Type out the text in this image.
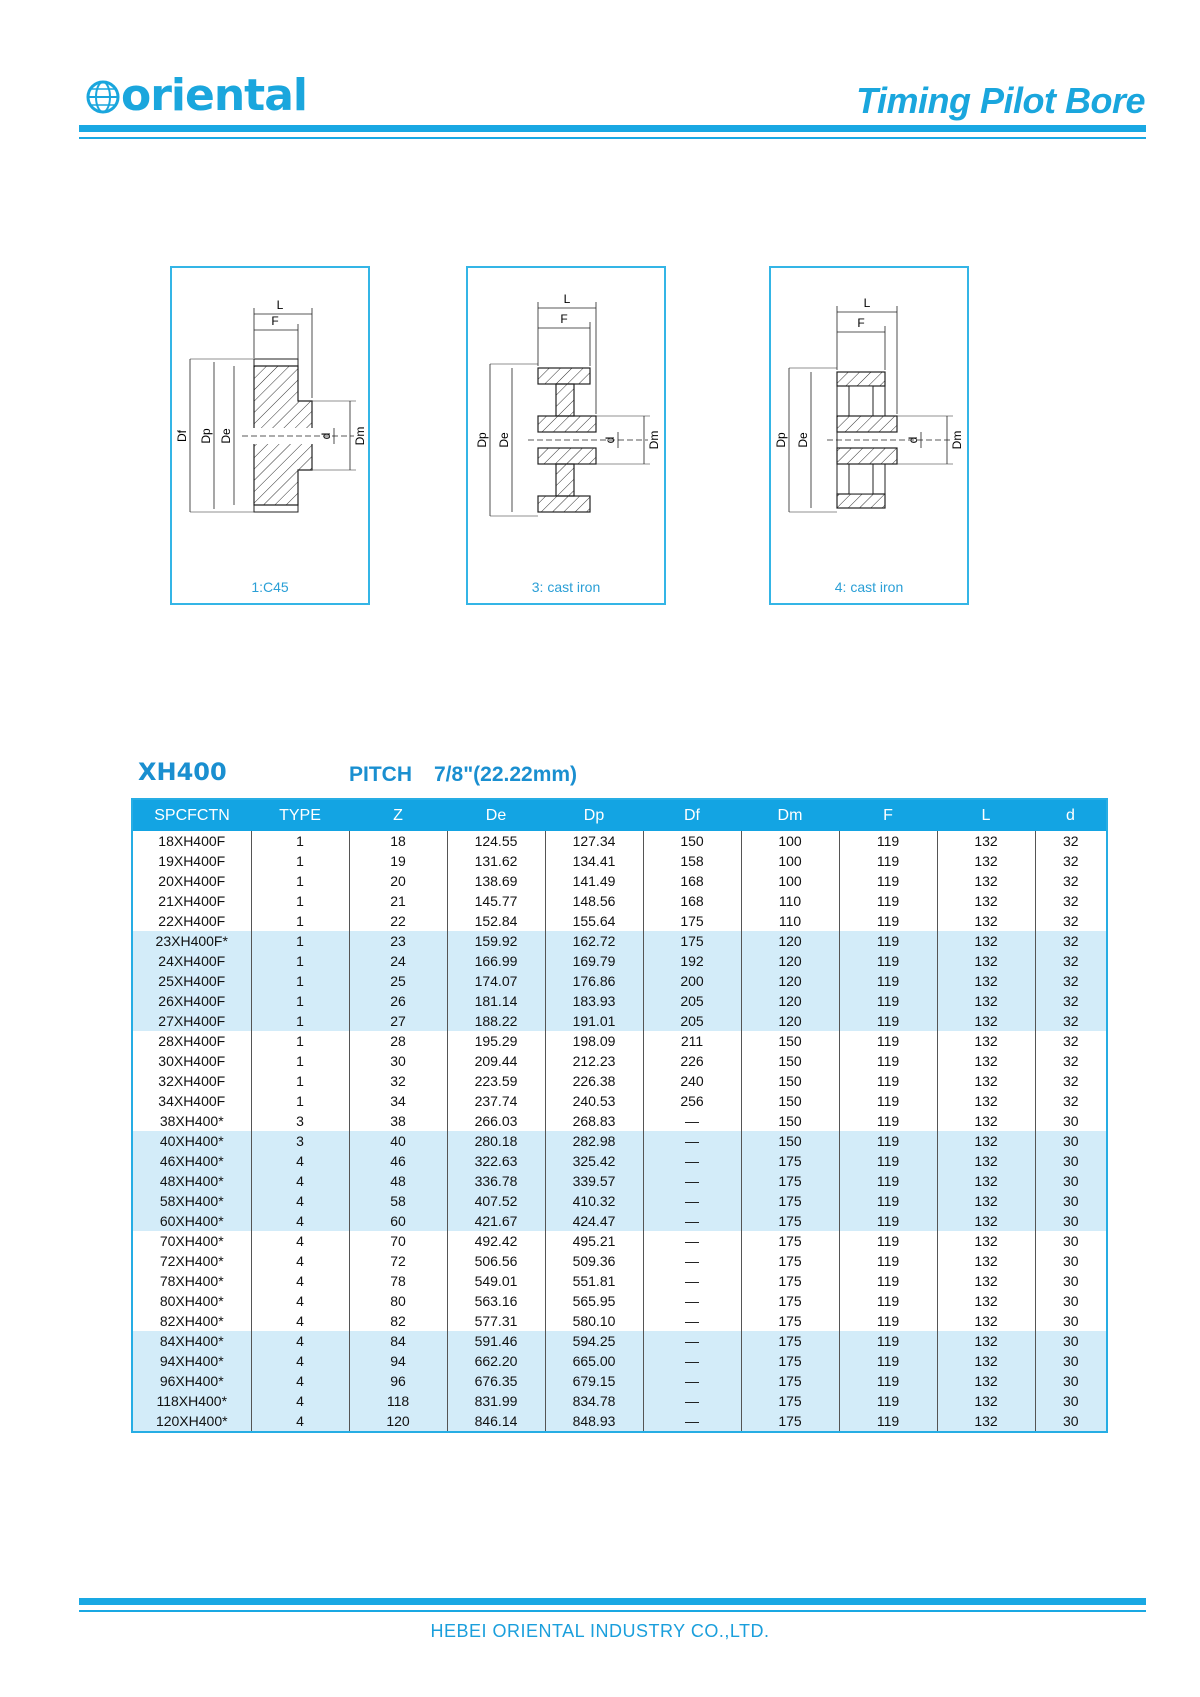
oriental	Timing Pilot Bore
L
F
Df Dp De	d Dm
1:C45
L
F
Dp De	d	Dm
3: cast iron
L
F
Dp De	d	Dm
4: cast iron
XH400	PITCH 7/8"(22.22mm)
SPCFCTN	TYPE	Z	De	Dp	Df	Dm	F	L	d
18XH400F	1	18	124.55	127.34	150	100	119	132	32
19XH400F	1	19	131.62	134.41	158	100	119	132	32
20XH400F	1	20	138.69	141.49	168	100	119	132	32
21XH400F	1	21	145.77	148.56	168	110	119	132	32
22XH400F	1	22	152.84	155.64	175	110	119	132	32
23XH400F*	1	23	159.92	162.72	175	120	119	132	32
24XH400F	1	24	166.99	169.79	192	120	119	132	32
25XH400F	1	25	174.07	176.86	200	120	119	132	32
26XH400F	1	26	181.14	183.93	205	120	119	132	32
27XH400F	1	27	188.22	191.01	205	120	119	132	32
28XH400F	1	28	195.29	198.09	211	150	119	132	32
30XH400F	1	30	209.44	212.23	226	150	119	132	32
32XH400F	1	32	223.59	226.38	240	150	119	132	32
34XH400F	1	34	237.74	240.53	256	150	119	132	32
38XH400*	3	38	266.03	268.83	—	150	119	132	30
40XH400*	3	40	280.18	282.98	—	150	119	132	30
46XH400*	4	46	322.63	325.42	—	175	119	132	30
48XH400*	4	48	336.78	339.57	—	175	119	132	30
58XH400*	4	58	407.52	410.32	—	175	119	132	30
60XH400*	4	60	421.67	424.47	—	175	119	132	30
70XH400*	4	70	492.42	495.21	—	175	119	132	30
72XH400*	4	72	506.56	509.36	—	175	119	132	30
78XH400*	4	78	549.01	551.81	—	175	119	132	30
80XH400*	4	80	563.16	565.95	—	175	119	132	30
82XH400*	4	82	577.31	580.10	—	175	119	132	30
84XH400*	4	84	591.46	594.25	—	175	119	132	30
94XH400*	4	94	662.20	665.00	—	175	119	132	30
96XH400*	4	96	676.35	679.15	—	175	119	132	30
118XH400*	4	118	831.99	834.78	—	175	119	132	30
120XH400*	4	120	846.14	848.93	—	175	119	132	30
HEBEI ORIENTAL INDUSTRY CO.,LTD.
